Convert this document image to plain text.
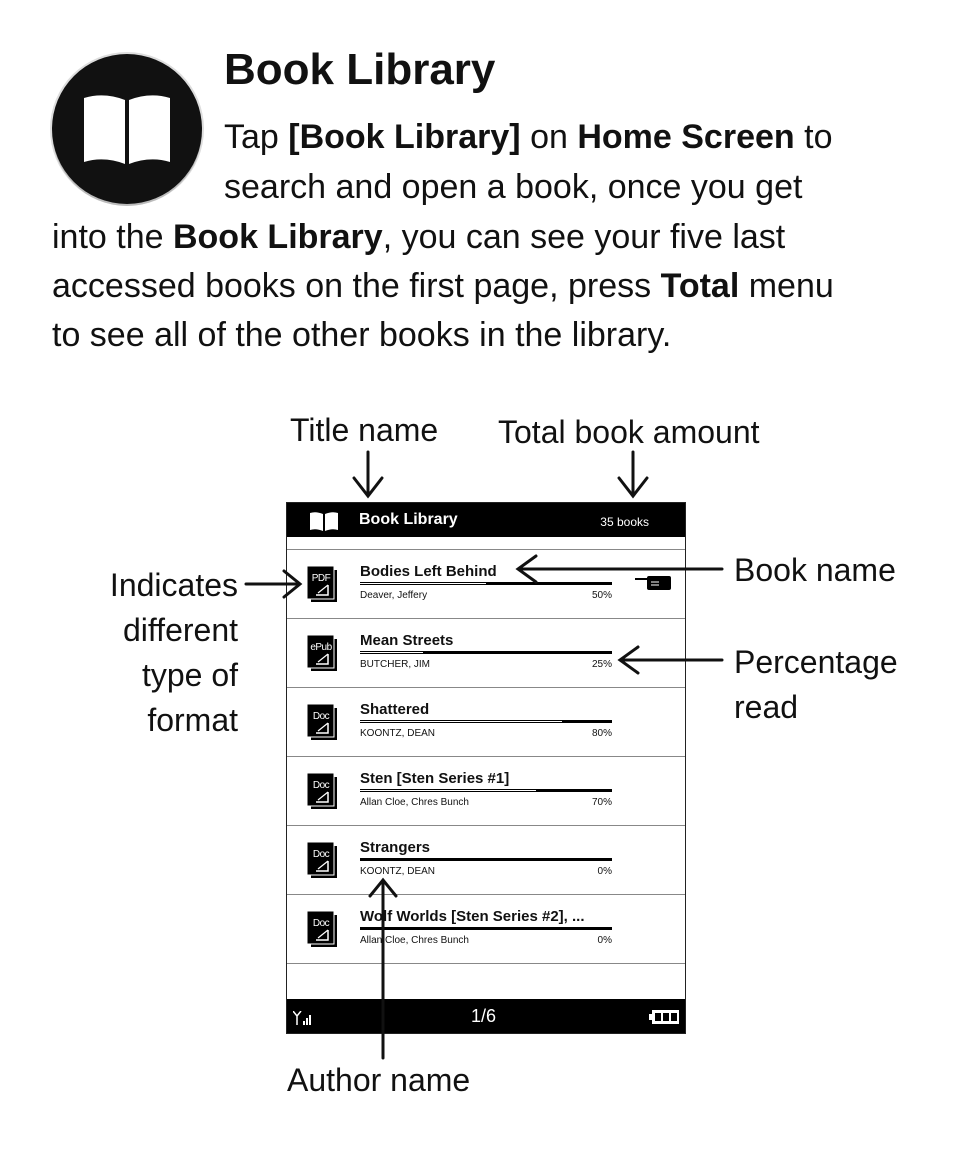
Book Library
Tap [Book Library] on Home Screen to
search and open a book, once you get
into the Book Library, you can see your five last
accessed books on the first page, press Total menu
to see all of the other books in the library.
Title name Total book amount
Book name
Percentage
read
Indicates
different
type of
format
Author name
Book Library	35 books
PDF	Bodies Left Behind
Deaver, Jeffery	50%
ePub Mean Streets
BUTCHER, JIM	25%
Doc	Shattered
KOONTZ, DEAN	80%
Doc	Sten [Sten Series #1]
Allan Cloe, Chres Bunch	70%
Doc	Strangers
KOONTZ, DEAN	0%
Doc	Wolf Worlds [Sten Series #2], ...
Allan Cloe, Chres Bunch	0%
1/6
